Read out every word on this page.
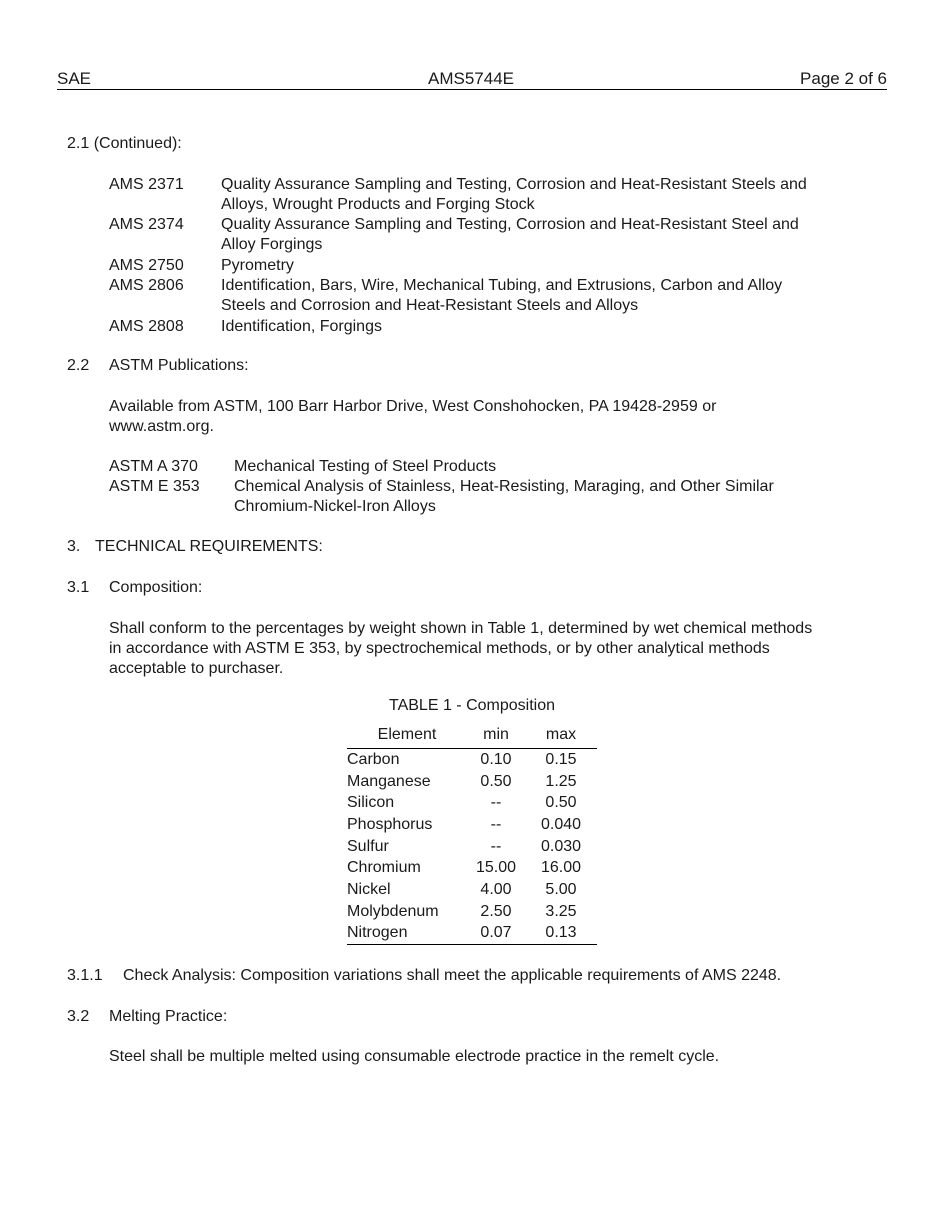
SAE	AMS5744E	Page 2 of 6
2.1 (Continued):
AMS 2371 Quality Assurance Sampling and Testing, Corrosion and Heat-Resistant Steels and
Alloys, Wrought Products and Forging Stock
AMS 2374 Quality Assurance Sampling and Testing, Corrosion and Heat-Resistant Steel and
Alloy Forgings
AMS 2750 Pyrometry
AMS 2806 Identification, Bars, Wire, Mechanical Tubing, and Extrusions, Carbon and Alloy
Steels and Corrosion and Heat-Resistant Steels and Alloys
AMS 2808 Identification, Forgings
2.2 ASTM Publications:
Available from ASTM, 100 Barr Harbor Drive, West Conshohocken, PA 19428-2959 or
www.astm.org.
ASTM A 370 Mechanical Testing of Steel Products
ASTM E 353 Chemical Analysis of Stainless, Heat-Resisting, Maraging, and Other Similar
Chromium-Nickel-Iron Alloys
3. TECHNICAL REQUIREMENTS:
3.1 Composition:
Shall conform to the percentages by weight shown in Table 1, determined by wet chemical methods
in accordance with ASTM E 353, by spectrochemical methods, or by other analytical methods
acceptable to purchaser.
TABLE 1 - Composition
Element	min	max
Carbon	0.10	0.15
Manganese	0.50	1.25
Silicon	--	0.50
Phosphorus	--	0.040
Sulfur	--	0.030
Chromium	15.00	16.00
Nickel	4.00	5.00
Molybdenum	2.50	3.25
Nitrogen	0.07	0.13
3.1.1 Check Analysis: Composition variations shall meet the applicable requirements of AMS 2248.
3.2 Melting Practice:
Steel shall be multiple melted using consumable electrode practice in the remelt cycle.
